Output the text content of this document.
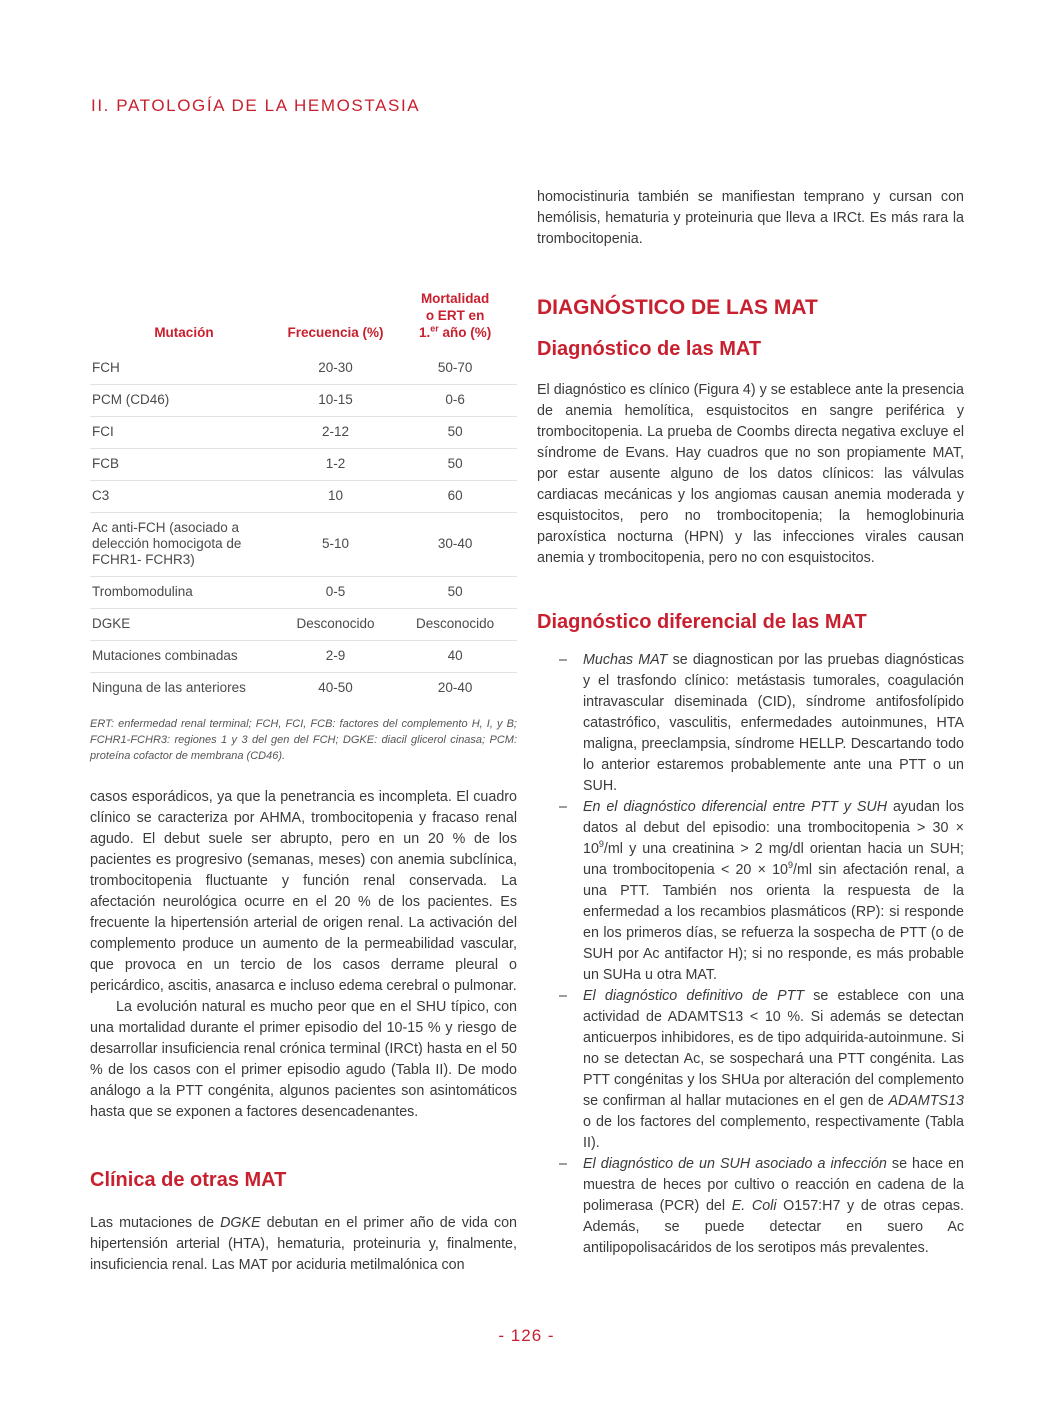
II. PATOLOGÍA DE LA HEMOSTASIA
Mutación	Frecuencia (%)	Mortalidad
o ERT en
1.$^{er}$ año (%)
FCH	20-30	50-70
PCM (CD46)	10-15	0-6
FCI	2-12	50
FCB	1-2	50
C3	10	60
Ac anti-FCH (asociado a delección homocigota de FCHR1- FCHR3)	5-10	30-40
Trombomodulina	0-5	50
DGKE	Desconocido	Desconocido
Mutaciones combinadas	2-9	40
Ninguna de las anteriores	40-50	20-40
ERT: enfermedad renal terminal; FCH, FCI, FCB: factores del complemento H, I, y B; FCHR1-FCHR3: regiones 1 y 3 del gen del FCH; DGKE: diacil glicerol cinasa; PCM: proteína cofactor de membrana (CD46).

casos esporádicos, ya que la penetrancia es incompleta. El cuadro clínico se caracteriza por AHMA, trombocitopenia y fracaso renal agudo. El debut suele ser abrupto, pero en un 20 % de los pacientes es progresivo (semanas, meses) con anemia subclínica, trombocitopenia fluctuante y función renal conservada. La afectación neurológica ocurre en el 20 % de los pacientes. Es frecuente la hipertensión arterial de origen renal. La activación del complemento produce un aumento de la permeabilidad vascular, que provoca en un tercio de los casos derrame pleural o pericárdico, ascitis, anasarca e incluso edema cerebral o pulmonar.

La evolución natural es mucho peor que en el SHU típico, con una mortalidad durante el primer episodio del 10-15 % y riesgo de desarrollar insuficiencia renal crónica terminal (IRCt) hasta en el 50 % de los casos con el primer episodio agudo (Tabla II). De modo análogo a la PTT congénita, algunos pacientes son asintomáticos hasta que se exponen a factores desencadenantes.

Clínica de otras MAT

Las mutaciones de DGKE debutan en el primer año de vida con hipertensión arterial (HTA), hematuria, proteinuria y, finalmente, insuficiencia renal. Las MAT por aciduria metilmalónica con

homocistinuria también se manifiestan temprano y cursan con hemólisis, hematuria y proteinuria que lleva a IRCt. Es más rara la trombocitopenia.

DIAGNÓSTICO DE LAS MAT
Diagnóstico de las MAT

El diagnóstico es clínico (Figura 4) y se establece ante la presencia de anemia hemolítica, esquistocitos en sangre periférica y trombocitopenia. La prueba de Coombs directa negativa excluye el síndrome de Evans. Hay cuadros que no son propiamente MAT, por estar ausente alguno de los datos clínicos: las válvulas cardiacas mecánicas y los angiomas causan anemia moderada y esquistocitos, pero no trombocitopenia; la hemoglobinuria paroxística nocturna (HPN) y las infecciones virales causan anemia y trombocitopenia, pero no con esquistocitos.

Diagnóstico diferencial de las MAT
– Muchas MAT se diagnostican por las pruebas diagnósticas y el trasfondo clínico: metástasis tumorales, coagulación intravascular diseminada (CID), síndrome antifosfolípido catastrófico, vasculitis, enfermedades autoinmunes, HTA maligna, preeclampsia, síndrome HELLP. Descartando todo lo anterior estaremos probablemente ante una PTT o un SUH.
– En el diagnóstico diferencial entre PTT y SUH ayudan los datos al debut del episodio: una trombocitopenia > $30 \times 10^9/ml$ y una creatinina > 2 mg/dl orientan hacia un SUH; una trombocitopenia < $20 \times 10^9/ml$ sin afectación renal, a una PTT. También nos orienta la respuesta de la enfermedad a los recambios plasmáticos (RP): si responde en los primeros días, se refuerza la sospecha de PTT (o de SUH por Ac antifactor H); si no responde, es más probable un SUHa u otra MAT.
– El diagnóstico definitivo de PTT se establece con una actividad de ADAMTS13 < 10 %. Si además se detectan anticuerpos inhibidores, es de tipo adquirida-autoinmune. Si no se detectan Ac, se sospechará una PTT congénita. Las PTT congénitas y los SHUa por alteración del complemento se confirman al hallar mutaciones en el gen de ADAMTS13 o de los factores del complemento, respectivamente (Tabla II).
– El diagnóstico de un SUH asociado a infección se hace en muestra de heces por cultivo o reacción en cadena de la polimerasa (PCR) del E. Coli O157:H7 y de otras cepas. Además, se puede detectar en suero Ac antilipopolisacáridos de los serotipos más prevalentes.
- 126 -
